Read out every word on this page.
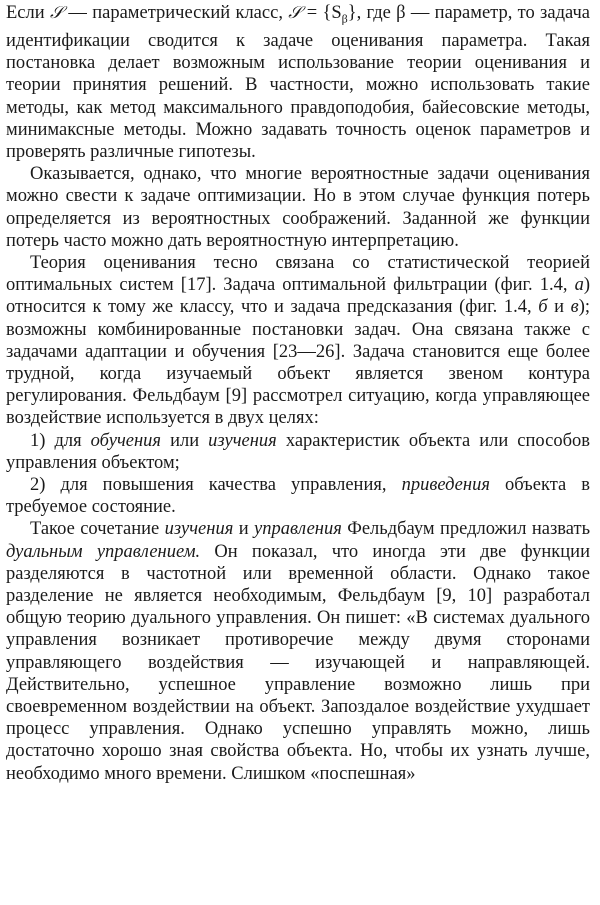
Если 𝒮 — параметрический класс, 𝒮 = $\{S_\beta\}$, где β — параметр, то задача идентификации сводится к задаче оценивания параметра. Такая постановка делает возможным использование теории оценивания и теории принятия решений. В частности, можно использовать такие методы, как метод максимального правдоподобия, байесовские методы, минимаксные методы. Можно задавать точность оценок параметров и проверять различные гипотезы.

Оказывается, однако, что многие вероятностные задачи оценивания можно свести к задаче оптимизации. Но в этом случае функция потерь определяется из вероятностных соображений. Заданной же функции потерь часто можно дать вероятностную интерпретацию.

Теория оценивания тесно связана со статистической теорией оптимальных систем [17]. Задача оптимальной фильтрации (фиг. 1.4, а) относится к тому же классу, что и задача предсказания (фиг. 1.4, б и в); возможны комбинированные постановки задач. Она связана также с задачами адаптации и обучения [23—26]. Задача становится еще более трудной, когда изучаемый объект является звеном контура регулирования. Фельдбаум [9] рассмотрел ситуацию, когда управляющее воздействие используется в двух целях:

1) для обучения или изучения характеристик объекта или способов управления объектом;

2) для повышения качества управления, приведения объекта в требуемое состояние.

Такое сочетание изучения и управления Фельдбаум предложил назвать дуальным управлением. Он показал, что иногда эти две функции разделяются в частотной или временной области. Однако такое разделение не является необходимым, Фельдбаум [9, 10] разработал общую теорию дуального управления. Он пишет: «В системах дуального управления возникает противоречие между двумя сторонами управляющего воздействия — изучающей и направляющей. Действительно, успешное управление возможно лишь при своевременном воздействии на объект. Запоздалое воздействие ухудшает процесс управления. Однако успешно управлять можно, лишь достаточно хорошо зная свойства объекта. Но, чтобы их узнать лучше, необходимо много времени. Слишком «поспешная»
